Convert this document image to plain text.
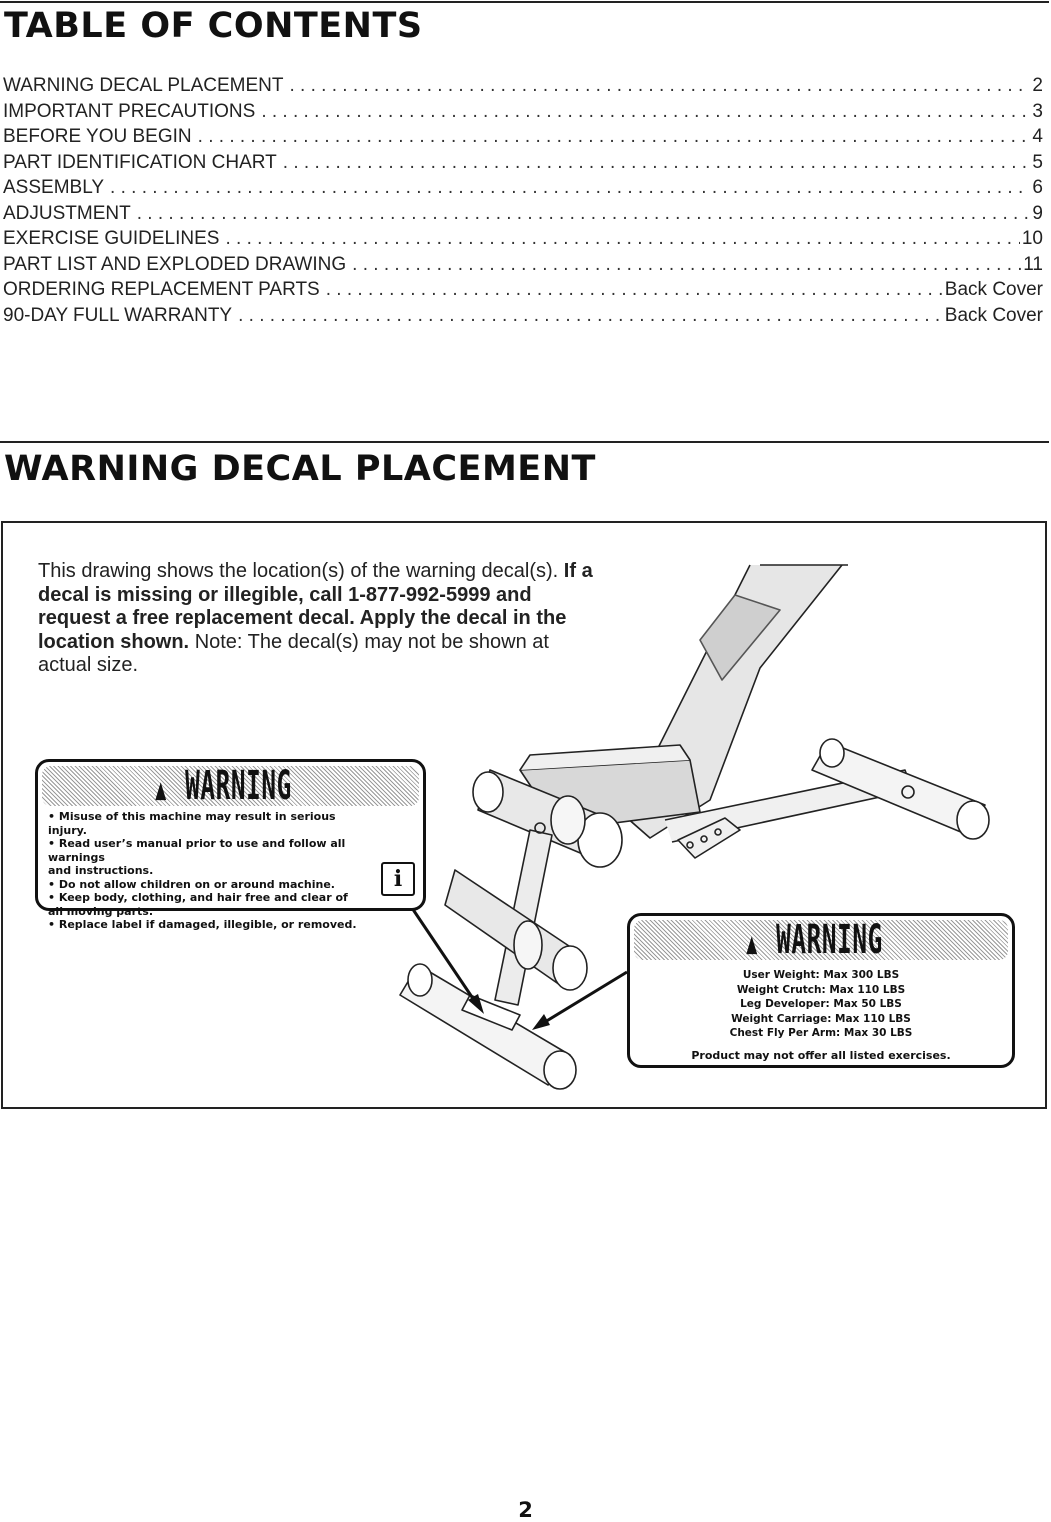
TABLE OF CONTENTS
WARNING DECAL PLACEMENT . . .	2
IMPORTANT PRECAUTIONS . . .	3
BEFORE YOU BEGIN . . .	4
PART IDENTIFICATION CHART . . .	5
ASSEMBLY . . .	6
ADJUSTMENT . . .	9
EXERCISE GUIDELINES . . .	10
PART LIST AND EXPLODED DRAWING . . .	11
ORDERING REPLACEMENT PARTS . . .	Back Cover
90-DAY FULL WARRANTY . . .	Back Cover
WARNING DECAL PLACEMENT
This drawing shows the location(s) of the warning decal(s). If a decal is missing or illegible, call 1-877-992-5999 and request a free replacement decal. Apply the decal in the location shown. Note: The decal(s) may not be shown at actual size.
▲ WARNING
• Misuse of this machine may result in serious injury.
• Read user’s manual prior to use and follow all warnings
and instructions.
• Do not allow children on or around machine.
• Keep body, clothing, and hair free and clear of
all moving parts.
• Replace label if damaged, illegible, or removed.
i
▲ WARNING
User Weight: Max 300 LBS
Weight Crutch: Max 110 LBS
Leg Developer: Max 50 LBS
Weight Carriage: Max 110 LBS
Chest Fly Per Arm: Max 30 LBS
Product may not offer all listed exercises.
2
